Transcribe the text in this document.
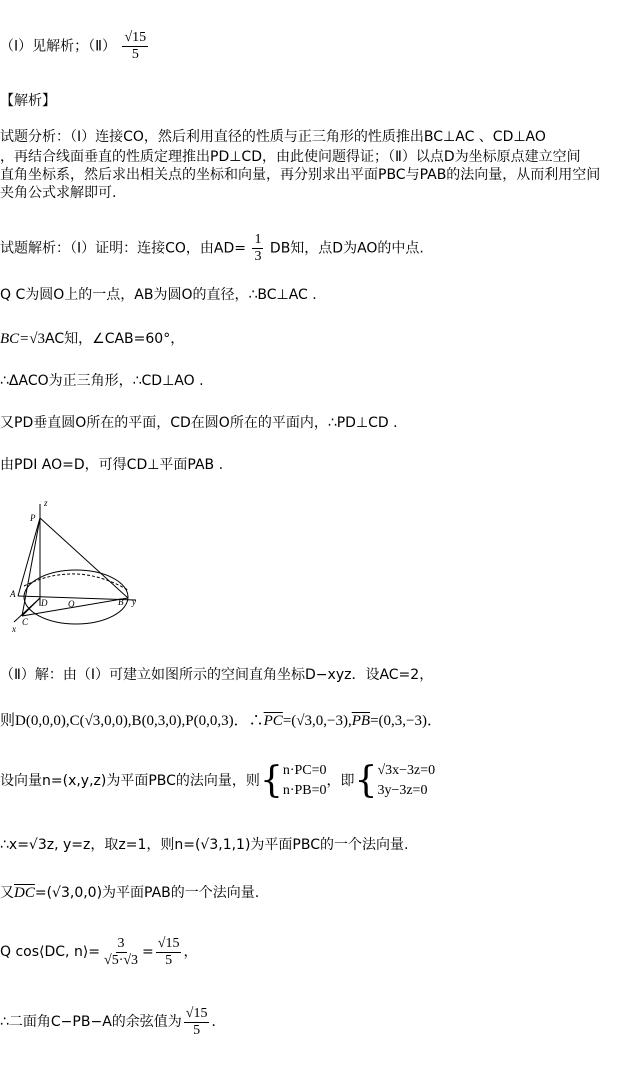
（Ⅰ）见解析；（Ⅱ） $\frac{√15}{5}$
【解析】
试题分析：（Ⅰ）连接CO，然后利用直径的性质与正三角形的性质推出BC⊥AC 、CD⊥AO
，再结合线面垂直的性质定理推出PD⊥CD，由此使问题得证；（Ⅱ）以点D为坐标原点建立空间
直角坐标系，然后求出相关点的坐标和向量，再分别求出平面PBC与PAB的法向量，从而利用空间
夹角公式求解即可.
试题解析：（Ⅰ）证明：连接CO，由$AD= \frac{1}{3}$ DB知，点D为AO的中点.
Q C为圆O上的一点，AB为圆O的直径，∴BC⊥AC .
BC=√3AC知，∠CAB=60°，
∴ΔACO为正三角形，∴CD⊥AO .
又PD垂直圆O所在的平面，CD在圆O所在的平面内，∴PD⊥CD .
由PDI AO=D，可得CD⊥平面PAB .
z
P
A
D O	B y
C
x
（Ⅱ）解：由（Ⅰ）可建立如图所示的空间直角坐标D−xyz．设AC=2，
则D(0,0,0),C(√3,0,0),B(0,3,0),P(0,0,3)．$\therefore\overline{PC}=(√3,0,-3),\overline{PB}=(0,3,-3)$．
设向量n=(x,y,z)为平面PBC的法向量，则 { n·PC=0
n·PB=0
，即 { √3x−3z=0
3y−3z=0
∴x=√3z, y=z，取z=1，则n=(√3,1,1)为平面PBC的一个法向量.
又$\overline{DC}=(√3,0,0)$为平面PAB的一个法向量.
Q cos⟨DC, n⟩= $\frac{3}{√5\cdot√3} = \frac{√15}{5}$ ，
∴二面角C−PB−A的余弦值为 $\frac{√15}{5}$ ．
